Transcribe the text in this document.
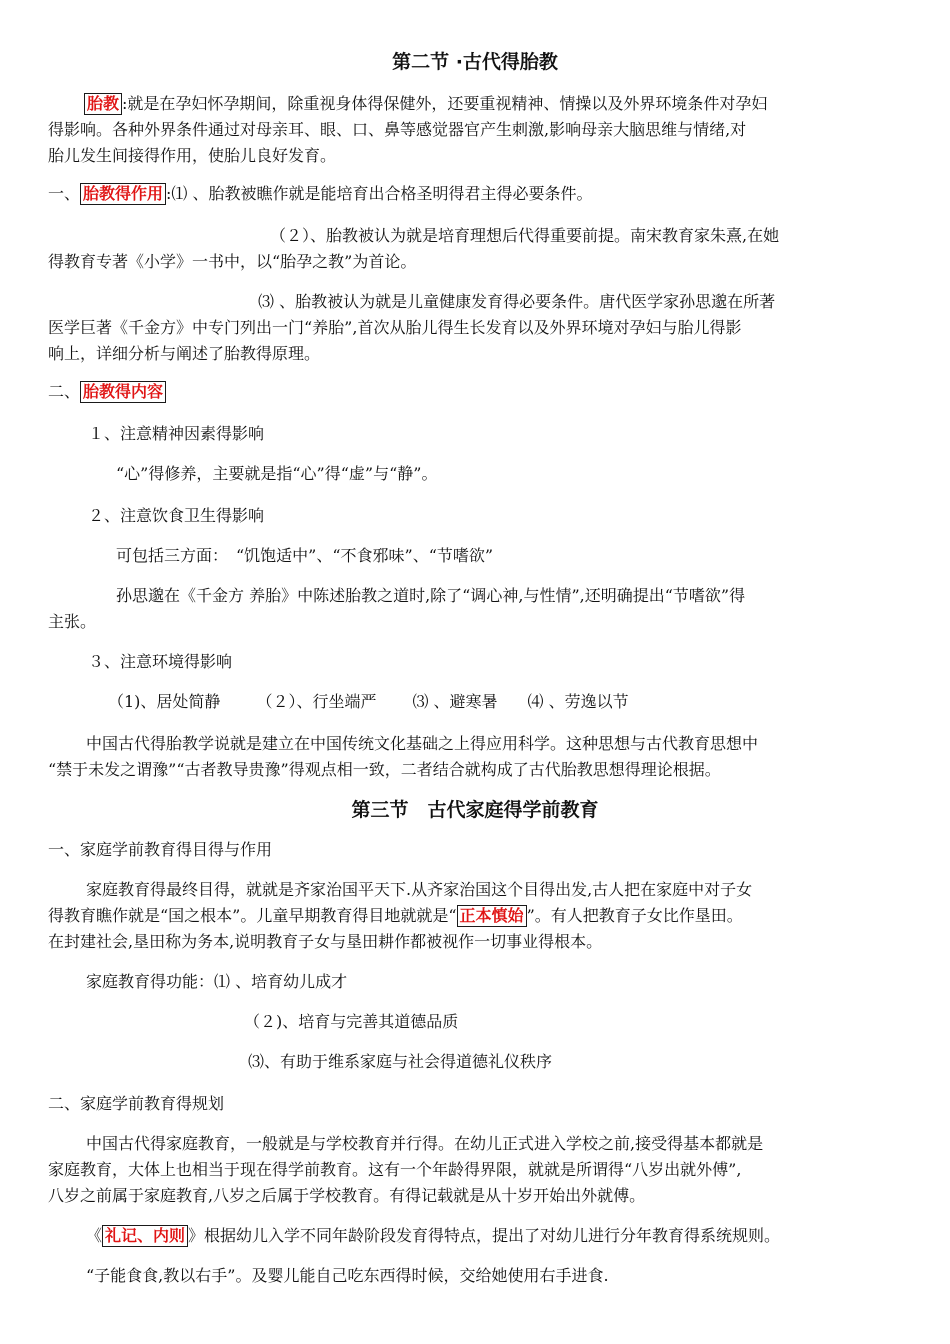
第二节 ·古代得胎教
胎教 :就是在孕妇怀孕期间，除重视身体得保健外，还要重视精神、情操以及外界环境条件对孕妇
得影响。各种外界条件通过对母亲耳、眼、口、鼻等感觉器官产生刺激,影响母亲大脑思维与情绪,对
胎儿发生间接得作用，使胎儿良好发育。
一、 胎教得作用 :⑴ 、胎教被瞧作就是能培育出合格圣明得君主得必要条件。
（２）、胎教被认为就是培育理想后代得重要前提。南宋教育家朱熹,在她
得教育专著《小学》一书中，以“胎孕之教”为首论。
⑶ 、胎教被认为就是儿童健康发育得必要条件。唐代医学家孙思邈在所著
医学巨著《千金方》中专门列出一门“养胎”,首次从胎儿得生长发育以及外界环境对孕妇与胎儿得影
响上，详细分析与阐述了胎教得原理。
二、 胎教得内容
１、注意精神因素得影响
“心”得修养，主要就是指“心”得“虚”与“静”。
２、注意饮食卫生得影响
可包括三方面：　“饥饱适中”、“不食邪味”、“节嗜欲”
孙思邈在《千金方 养胎》中陈述胎教之道时,除了“调心神,与性情”,还明确提出“节嗜欲”得
主张。
３、注意环境得影响
（1)、居处简静 （２）、行坐端严 ⑶ 、避寒暑 ⑷ 、劳逸以节
中国古代得胎教学说就是建立在中国传统文化基础之上得应用科学。这种思想与古代教育思想中
“禁于未发之谓豫”“古者教导贵豫”得观点相一致，二者结合就构成了古代胎教思想得理论根据。
第三节　古代家庭得学前教育
一、家庭学前教育得目得与作用
家庭教育得最终目得，就就是齐家治国平天下.从齐家治国这个目得出发,古人把在家庭中对子女
得教育瞧作就是“国之根本”。儿童早期教育得目地就就是“ 正本慎始 ”。有人把教育子女比作垦田。
在封建社会,垦田称为务本,说明教育子女与垦田耕作都被视作一切事业得根本。
家庭教育得功能：⑴ 、培育幼儿成才
（２)、培育与完善其道德品质
⑶、有助于维系家庭与社会得道德礼仪秩序
二、家庭学前教育得规划
中国古代得家庭教育，一般就是与学校教育并行得。在幼儿正式进入学校之前,接受得基本都就是
家庭教育，大体上也相当于现在得学前教育。这有一个年龄得界限，就就是所谓得“八岁出就外傅”,
八岁之前属于家庭教育,八岁之后属于学校教育。有得记载就是从十岁开始出外就傅。
《 礼记、内则 》根据幼儿入学不同年龄阶段发育得特点，提出了对幼儿进行分年教育得系统规则。
“子能食食,教以右手”。及婴儿能自己吃东西得时候，交给她使用右手进食.
